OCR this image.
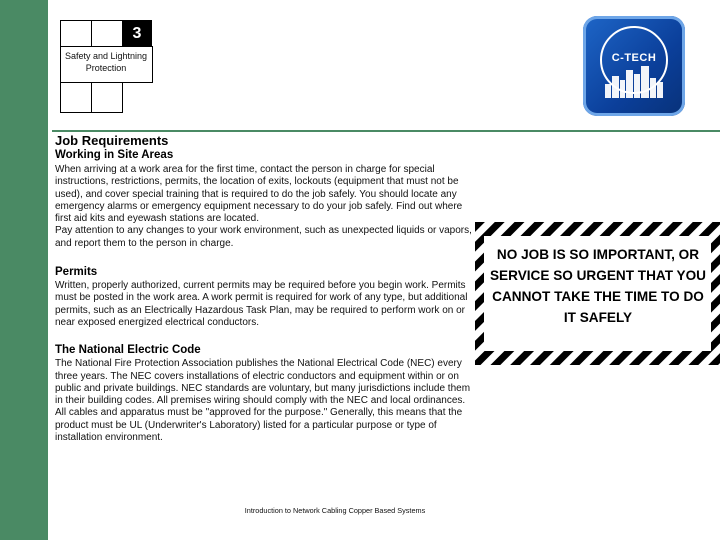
3
Safety and Lightning Protection
C-TECH
Job Requirements
Working in Site Areas

When arriving at a work area for the first time, contact the person in charge for special instructions, restrictions, permits, the location of exits, lockouts (equipment that must not be used), and cover special training that is required to do the job safely. You should locate any emergency alarms or emergency equipment necessary to do your job safely. Find out where first aid kits and eyewash stations are located.

Pay attention to any changes to your work environment, such as unexpected liquids or vapors, and report them to the person in charge.

Permits

Written, properly authorized, current permits may be required before you begin work. Permits must be posted in the work area. A work permit is required for work of any type, but additional permits, such as an Electrically Hazardous Task Plan, may be required to perform work on or near exposed energized electrical conductors.

The National Electric Code

The National Fire Protection Association publishes the National Electrical Code (NEC) every three years. The NEC covers installations of electric conductors and equipment within or on public and private buildings. NEC standards are voluntary, but many jurisdictions include them in their building codes. All premises wiring should comply with the NEC and local ordinances. All cables and apparatus must be "approved for the purpose." Generally, this means that the product must be UL (Underwriter's Laboratory) listed for a particular purpose or type of installation environment.

NO JOB IS SO IMPORTANT, OR SERVICE SO URGENT THAT YOU CANNOT TAKE THE TIME TO DO IT SAFELY
Introduction to Network Cabling Copper Based Systems
